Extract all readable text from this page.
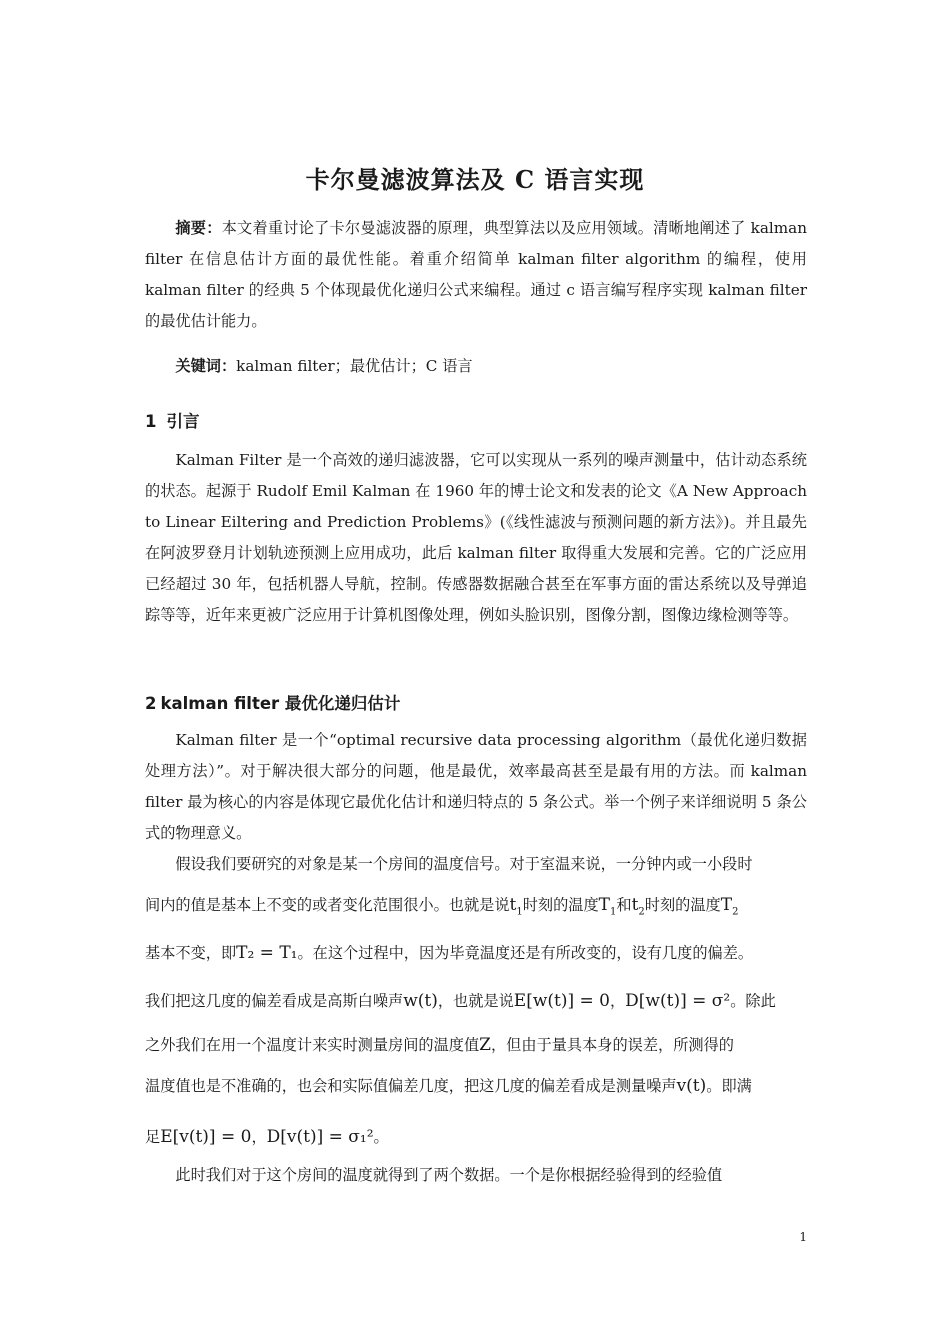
卡尔曼滤波算法及 C 语言实现

摘要：本文着重讨论了卡尔曼滤波器的原理，典型算法以及应用领域。清晰地阐述了 kalman filter 在信息估计方面的最优性能。着重介绍简单 kalman filter algorithm 的编程，使用 kalman filter 的经典 5 个体现最优化递归公式来编程。通过 c 语言编写程序实现 kalman filter 的最优估计能力。

关键词：kalman filter；最优估计；C 语言

1 引言

Kalman Filter 是一个高效的递归滤波器，它可以实现从一系列的噪声测量中，估计动态系统的状态。起源于 Rudolf Emil Kalman 在 1960 年的博士论文和发表的论文《A New Approach to Linear Eiltering and Prediction Problems》(《线性滤波与预测问题的新方法》)。并且最先在阿波罗登月计划轨迹预测上应用成功，此后 kalman filter 取得重大发展和完善。它的广泛应用已经超过 30 年，包括机器人导航，控制。传感器数据融合甚至在军事方面的雷达系统以及导弹追踪等等，近年来更被广泛应用于计算机图像处理，例如头脸识别，图像分割，图像边缘检测等等。

2 kalman filter 最优化递归估计

Kalman filter 是一个“optimal recursive data processing algorithm（最优化递归数据处理方法）”。对于解决很大部分的问题，他是最优，效率最高甚至是最有用的方法。而 kalman filter 最为核心的内容是体现它最优化估计和递归特点的 5 条公式。举一个例子来详细说明 5 条公式的物理意义。

假设我们要研究的对象是某一个房间的温度信号。对于室温来说，一分钟内或一小段时
间内的值是基本上不变的或者变化范围很小。也就是说$t_1$时刻的温度$T_1$和$t_2$时刻的温度$T_2$
基本不变，即T₂ = T₁。在这个过程中，因为毕竟温度还是有所改变的，设有几度的偏差。
我们把这几度的偏差看成是高斯白噪声w(t)，也就是说E[w(t)] = 0，D[w(t)] = σ²。除此
之外我们在用一个温度计来实时测量房间的温度值Z，但由于量具本身的误差，所测得的
温度值也是不准确的，也会和实际值偏差几度，把这几度的偏差看成是测量噪声v(t)。即满
足E[v(t)] = 0，D[v(t)] = σ₁²。
此时我们对于这个房间的温度就得到了两个数据。一个是你根据经验得到的经验值
1
